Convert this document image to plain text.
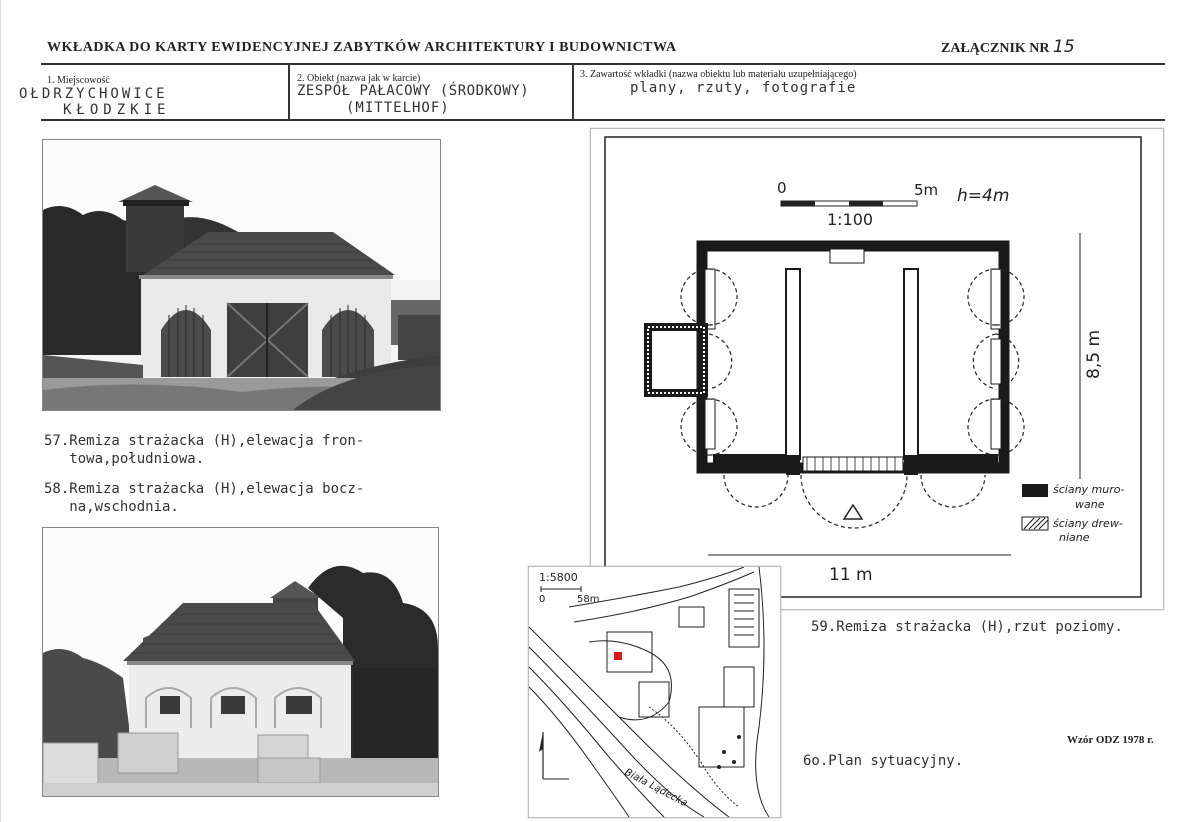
WKŁADKA DO KARTY EWIDENCYJNEJ ZABYTKÓW ARCHITEKTURY I BUDOWNICTWA	ZAŁĄCZNIK NR 15
1. Miejscowość
OŁDRZYCHOWICE
KŁODZKIE
2. Obiekt (nazwa jak w karcie)
ZESPÓŁ PAŁACOWY (ŚRODKOWY)
(MITTELHOF)
3. Zawartość wkładki (nazwa obiektu lub materiału uzupełniającego)
plany, rzuty, fotografie
57.Remiza strażacka (H),elewacja fron-
towa,południowa.
58.Remiza strażacka (H),elewacja bocz-
na,wschodnia.
0	5m h=4m
1:100
8,5 m
11 m
ściany muro-
wane
ściany drew-
niane
59.Remiza strażacka (H),rzut poziomy.
1:5800
0	58m
Biała Lądecka
6o.Plan sytuacyjny.
Wzór ODZ 1978 r.
